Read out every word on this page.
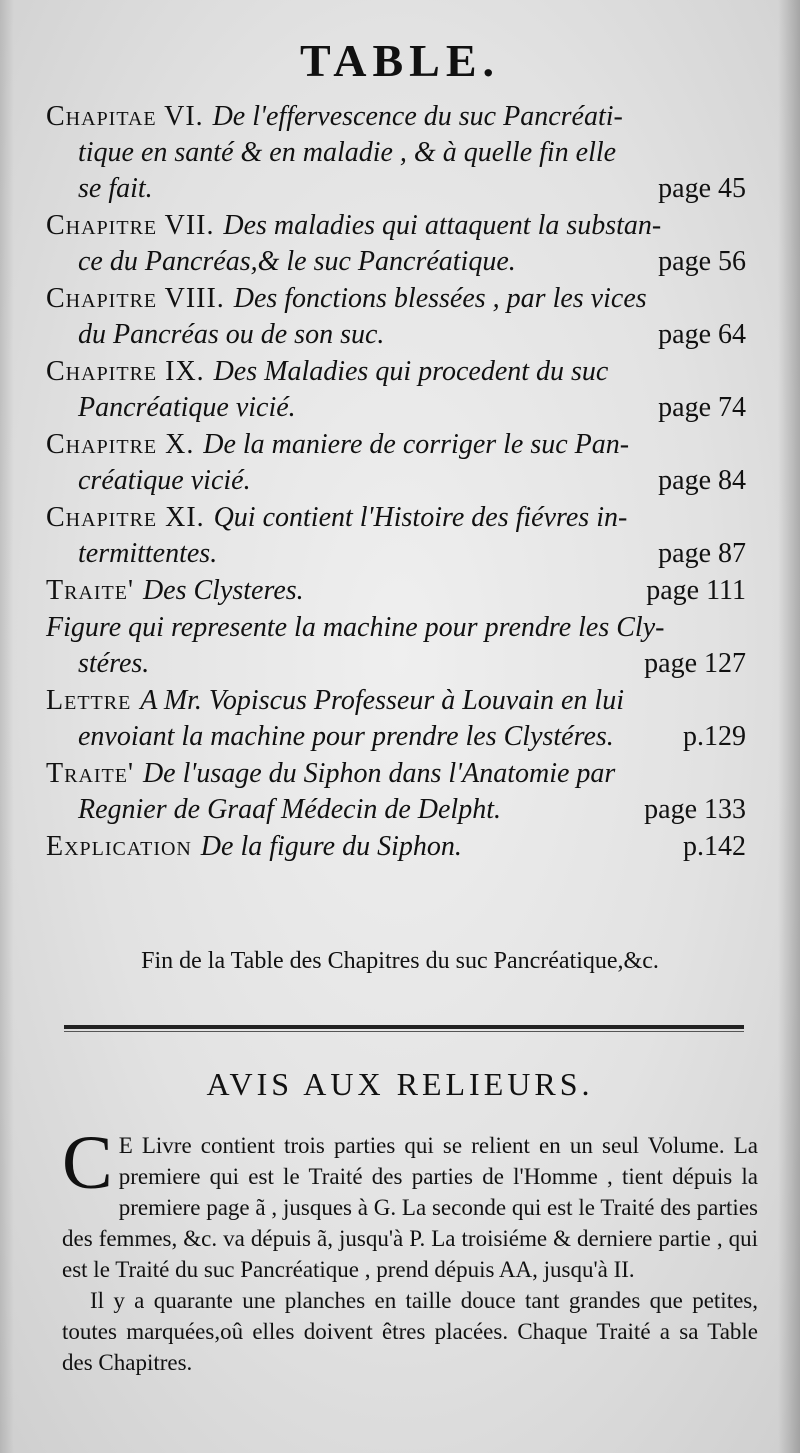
TABLE.
Chapitae VI. De l'effervescence du suc Pancréati-
tique en santé & en maladie , & à quelle fin elle se fait.	page 45
Chapitre VII. Des maladies qui attaquent la substan-
ce du Pancréas,& le suc Pancréatique.	page 56
Chapitre VIII. Des fonctions blessées , par les vices
du Pancréas ou de son suc.	page 64
Chapitre IX. Des Maladies qui procedent du suc
Pancréatique vicié.	page 74
Chapitre X. De la maniere de corriger le suc Pan-
créatique vicié.	page 84
Chapitre XI. Qui contient l'Histoire des fiévres in-
termittentes.	page 87
Traite' Des Clysteres.	page 111
Figure qui represente la machine pour prendre les Cly-
stéres.	page 127
Lettre A Mr. Vopiscus Professeur à Louvain en lui
envoiant la machine pour prendre les Clystéres.	p.129
Traite' De l'usage du Siphon dans l'Anatomie par
Regnier de Graaf Médecin de Delpht.	page 133
Explication De la figure du Siphon.	p.142
Fin de la Table des Chapitres du suc Pancréatique,&c.
AVIS AUX RELIEURS.

C E Livre contient trois parties qui se relient en un seul Volume. La premiere qui est le Traité des parties de l'Homme , tient dépuis la premiere page ã , jusques à G. La seconde qui est le Traité des parties des femmes, &c. va dépuis ã, jusqu'à P. La troisiéme & derniere partie , qui est le Traité du suc Pancréatique , prend dépuis AA, jusqu'à II.

Il y a quarante une planches en taille douce tant grandes que petites, toutes marquées,oû elles doivent êtres placées. Chaque Traité a sa Table des Chapitres.
